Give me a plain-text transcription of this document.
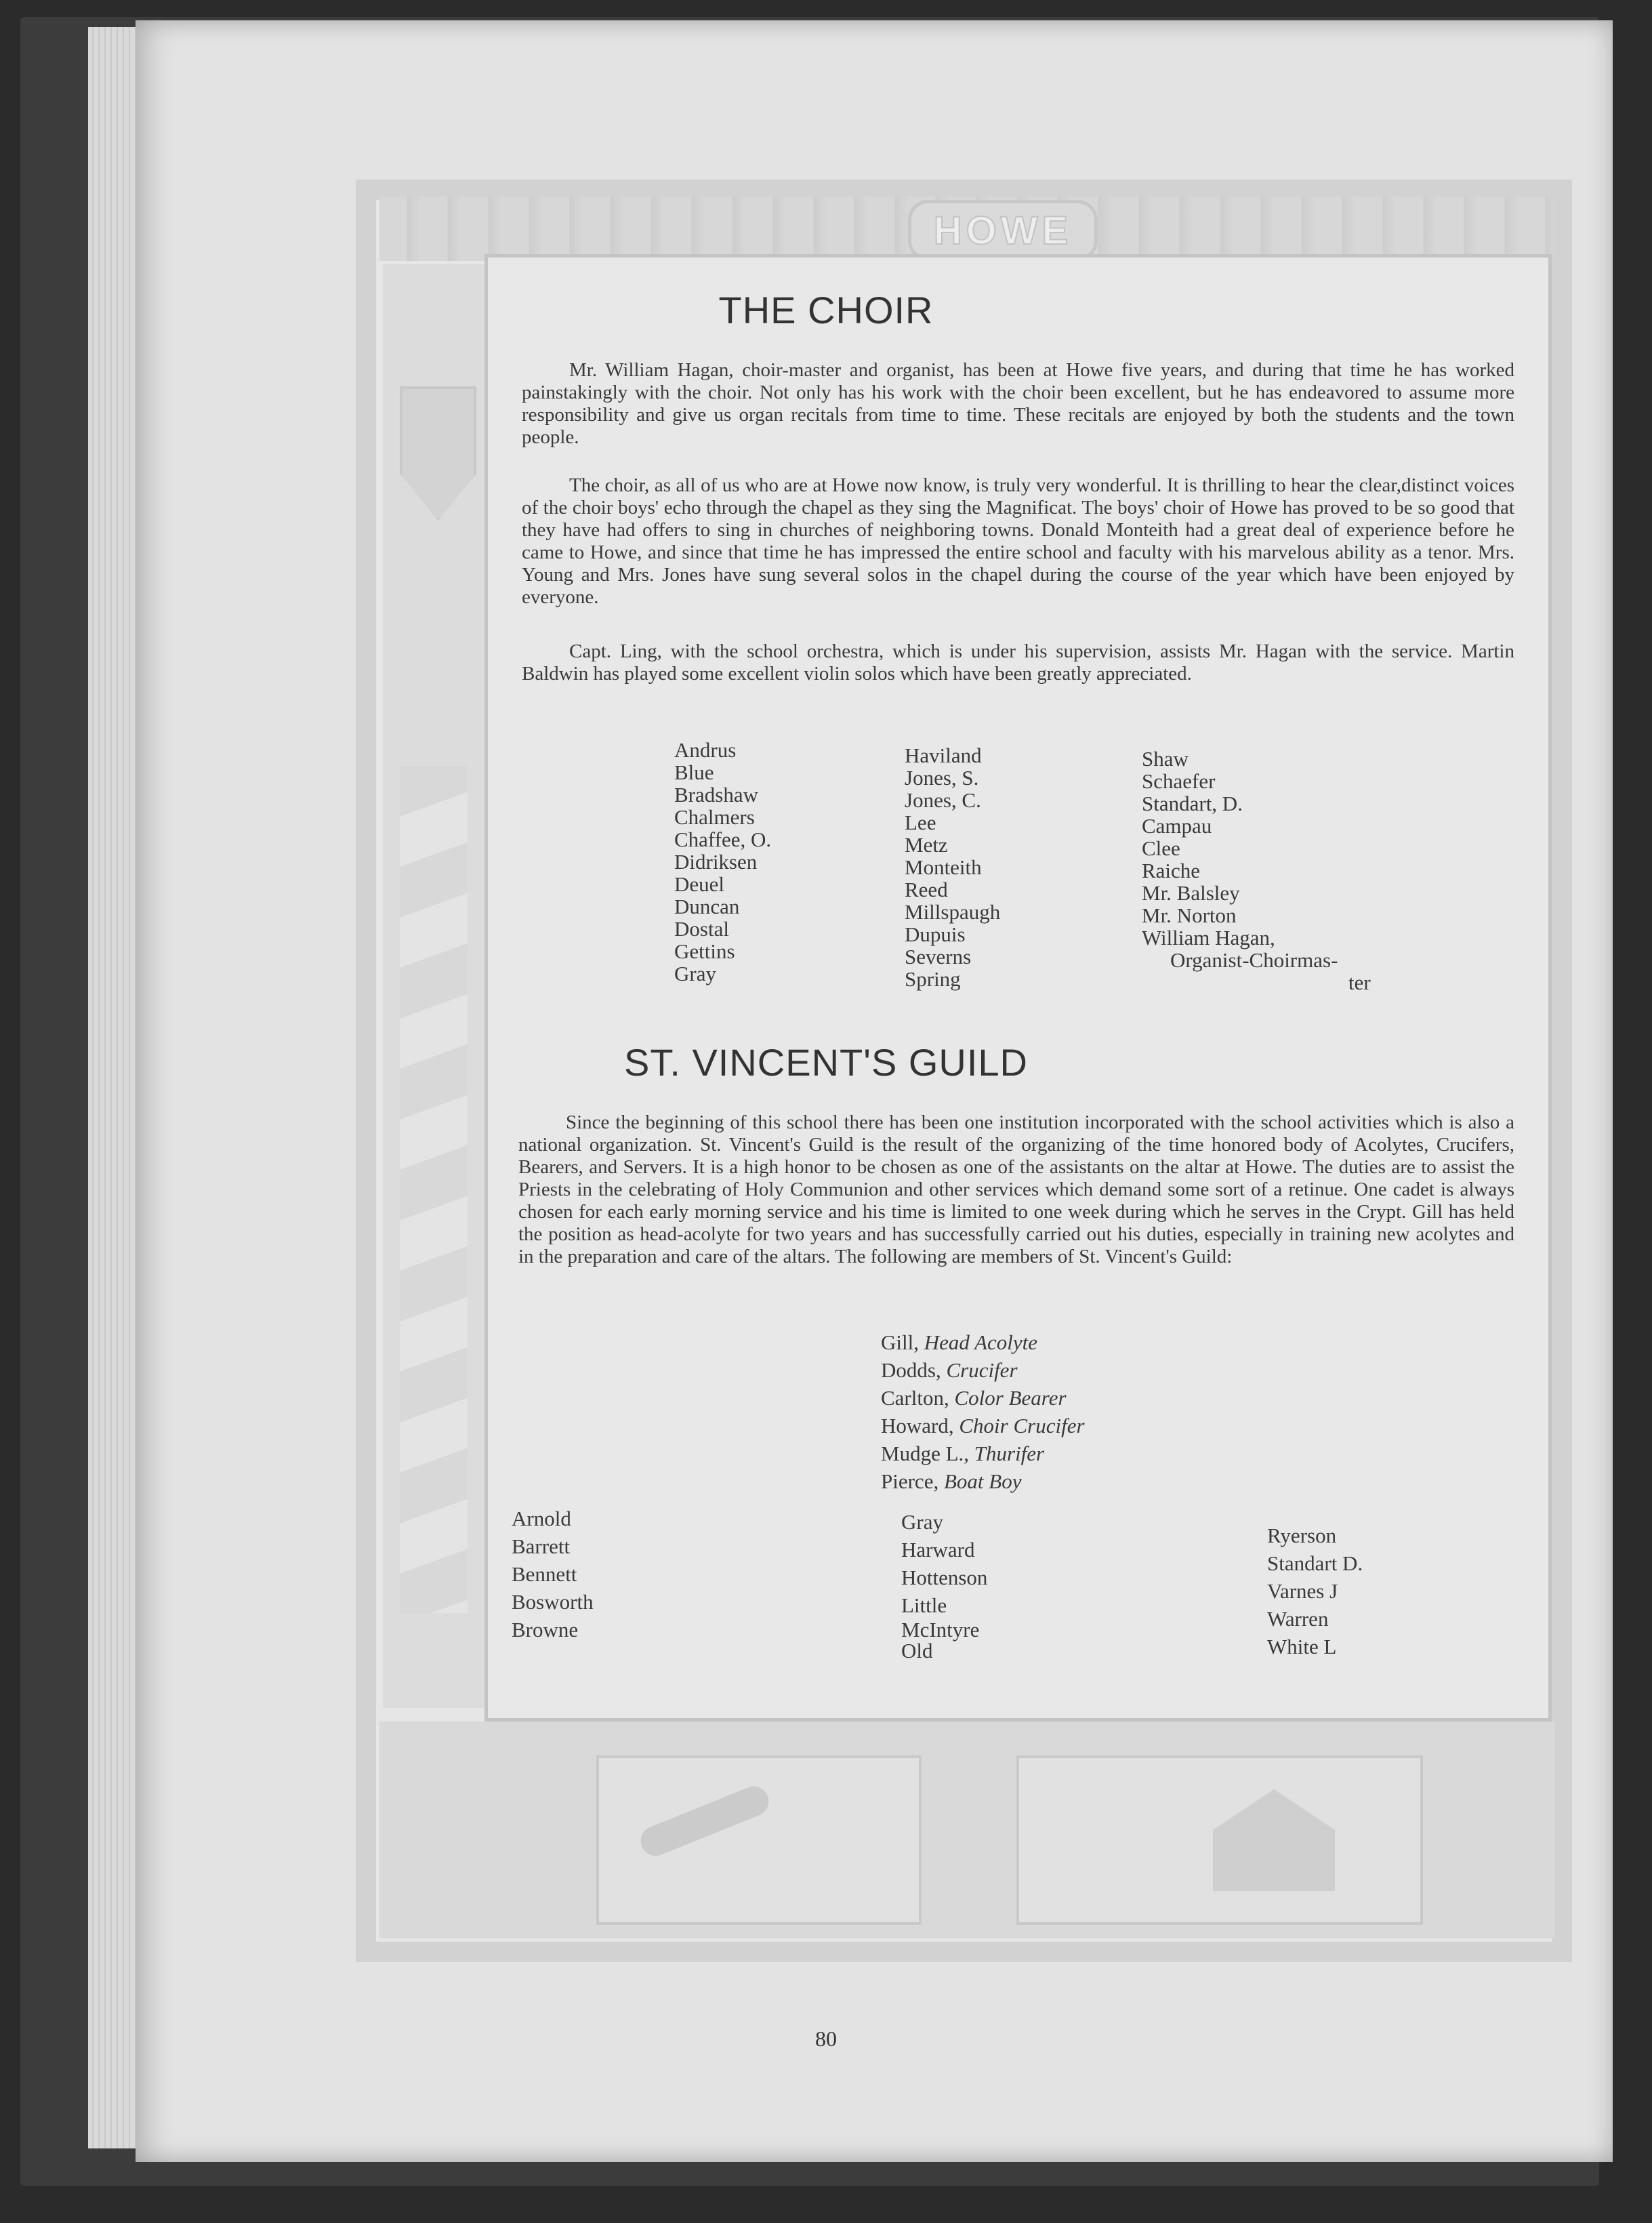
HOWE
THE CHOIR
Mr. William Hagan, choir-master and organist, has been at Howe five years, and during that time he has worked painstakingly with the choir. Not only has his work with the choir been excellent, but he has endeavored to assume more responsibility and give us organ recitals from time to time. These recitals are enjoyed by both the students and the town people.
The choir, as all of us who are at Howe now know, is truly very wonderful. It is thrilling to hear the clear,distinct voices of the choir boys' echo through the chapel as they sing the Magnificat. The boys' choir of Howe has proved to be so good that they have had offers to sing in churches of neighboring towns. Donald Monteith had a great deal of experience before he came to Howe, and since that time he has impressed the entire school and faculty with his marvelous ability as a tenor. Mrs. Young and Mrs. Jones have sung several solos in the chapel during the course of the year which have been enjoyed by everyone.
Capt. Ling, with the school orchestra, which is under his supervision, assists Mr. Hagan with the service. Martin Baldwin has played some excellent violin solos which have been greatly appreciated.
Andrus
Blue
Bradshaw
Chalmers
Chaffee, O.
Didriksen
Deuel
Duncan
Dostal
Gettins
Gray
Haviland
Jones, S.
Jones, C.
Lee
Metz
Monteith
Reed
Millspaugh
Dupuis
Severns
Spring
Shaw
Schaefer
Standart, D.
Campau
Clee
Raiche
Mr. Balsley
Mr. Norton
William Hagan,
Organist-Choirmas-
ter
ST. VINCENT'S GUILD
Since the beginning of this school there has been one institution incorporated with the school activities which is also a national organization. St. Vincent's Guild is the result of the organizing of the time honored body of Acolytes, Crucifers, Bearers, and Servers. It is a high honor to be chosen as one of the assistants on the altar at Howe. The duties are to assist the Priests in the celebrating of Holy Communion and other services which demand some sort of a retinue. One cadet is always chosen for each early morning service and his time is limited to one week during which he serves in the Crypt. Gill has held the position as head-acolyte for two years and has successfully carried out his duties, especially in training new acolytes and in the preparation and care of the altars. The following are members of St. Vincent's Guild:
Gill, Head Acolyte
Dodds, Crucifer
Carlton, Color Bearer
Howard, Choir Crucifer
Mudge L., Thurifer
Pierce, Boat Boy
Arnold
Barrett
Bennett
Bosworth
Browne
Gray
Harward
Hottenson
Little
McIntyre
Old
Ryerson
Standart D.
Varnes J
Warren
White L
80
